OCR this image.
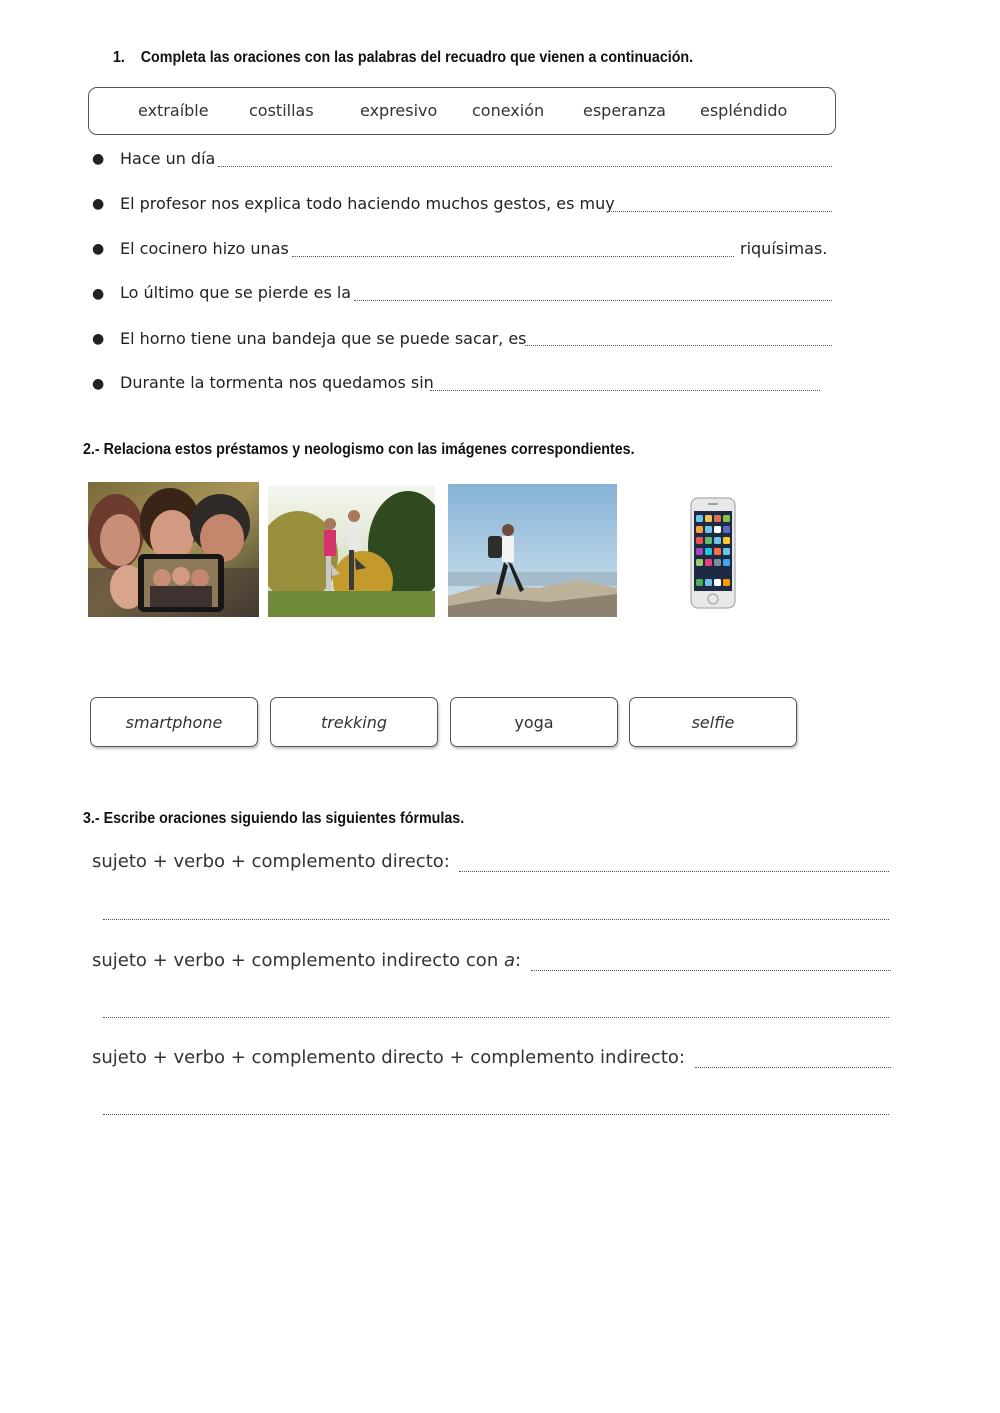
1. Completa las oraciones con las palabras del recuadro que vienen a continuación.
extraíble	costillas	expresivo conexión esperanza espléndido
● Hace un día
● El profesor nos explica todo haciendo muchos gestos, es muy
● El cocinero hizo unas	riquísimas.
● Lo último que se pierde es la
● El horno tiene una bandeja que se puede sacar, es
● Durante la tormenta nos quedamos sin
2.- Relaciona estos préstamos y neologismo con las imágenes correspondientes.
smartphone	trekking	yoga	selfie
3.- Escribe oraciones siguiendo las siguientes fórmulas.
sujeto + verbo + complemento directo:
sujeto + verbo + complemento indirecto con a:
sujeto + verbo + complemento directo + complemento indirecto:
